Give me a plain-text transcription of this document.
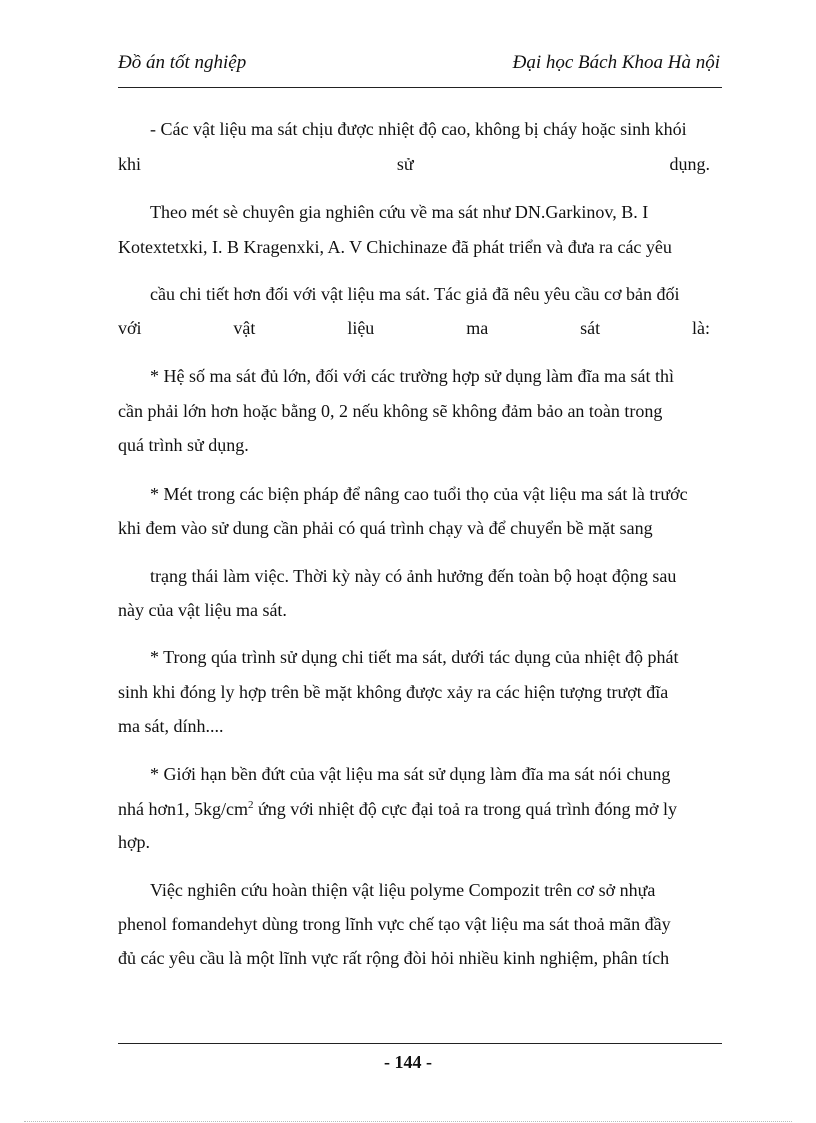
Đồ án tốt nghiệp	Đại học Bách Khoa Hà nội
- Các vật liệu ma sát chịu được nhiệt độ cao, không bị cháy hoặc sinh khói
khi	sử	dụng.
Theo mét sè chuyên gia nghiên cứu về ma sát như DN.Garkinov, B. I
Kotextetxki, I. B Kragenxki, A. V Chichinaze đã phát triển và đưa ra các yêu
cầu chi tiết hơn đối với vật liệu ma sát. Tác giả đã nêu yêu cầu cơ bản đối
với	vật	liệu	ma	sát	là:
* Hệ số ma sát đủ lớn, đối với các trường hợp sử dụng làm đĩa ma sát thì
cần phải lớn hơn hoặc bằng 0, 2 nếu không sẽ không đảm bảo an toàn trong
quá trình sử dụng.
* Mét trong các biện pháp để nâng cao tuổi thọ của vật liệu ma sát là trước
khi đem vào sử dung cần phải có quá trình chạy và để chuyển bề mặt sang
trạng thái làm việc. Thời kỳ này có ảnh hưởng đến toàn bộ hoạt động sau
này của vật liệu ma sát.
* Trong qúa trình sử dụng chi tiết ma sát, dưới tác dụng của nhiệt độ phát
sinh khi đóng ly hợp trên bề mặt không được xảy ra các hiện tượng trượt đĩa
ma sát, dính....
* Giới hạn bền đứt của vật liệu ma sát sử dụng làm đĩa ma sát nói chung
nhá hơn1, $5kg/cm^2$ ứng với nhiệt độ cực đại toả ra trong quá trình đóng mở ly
hợp.
Việc nghiên cứu hoàn thiện vật liệu polyme Compozit trên cơ sở nhựa
phenol fomandehyt dùng trong lĩnh vực chế tạo vật liệu ma sát thoả mãn đầy
đủ các yêu cầu là một lĩnh vực rất rộng đòi hỏi nhiều kinh nghiệm, phân tích
- 144 -
